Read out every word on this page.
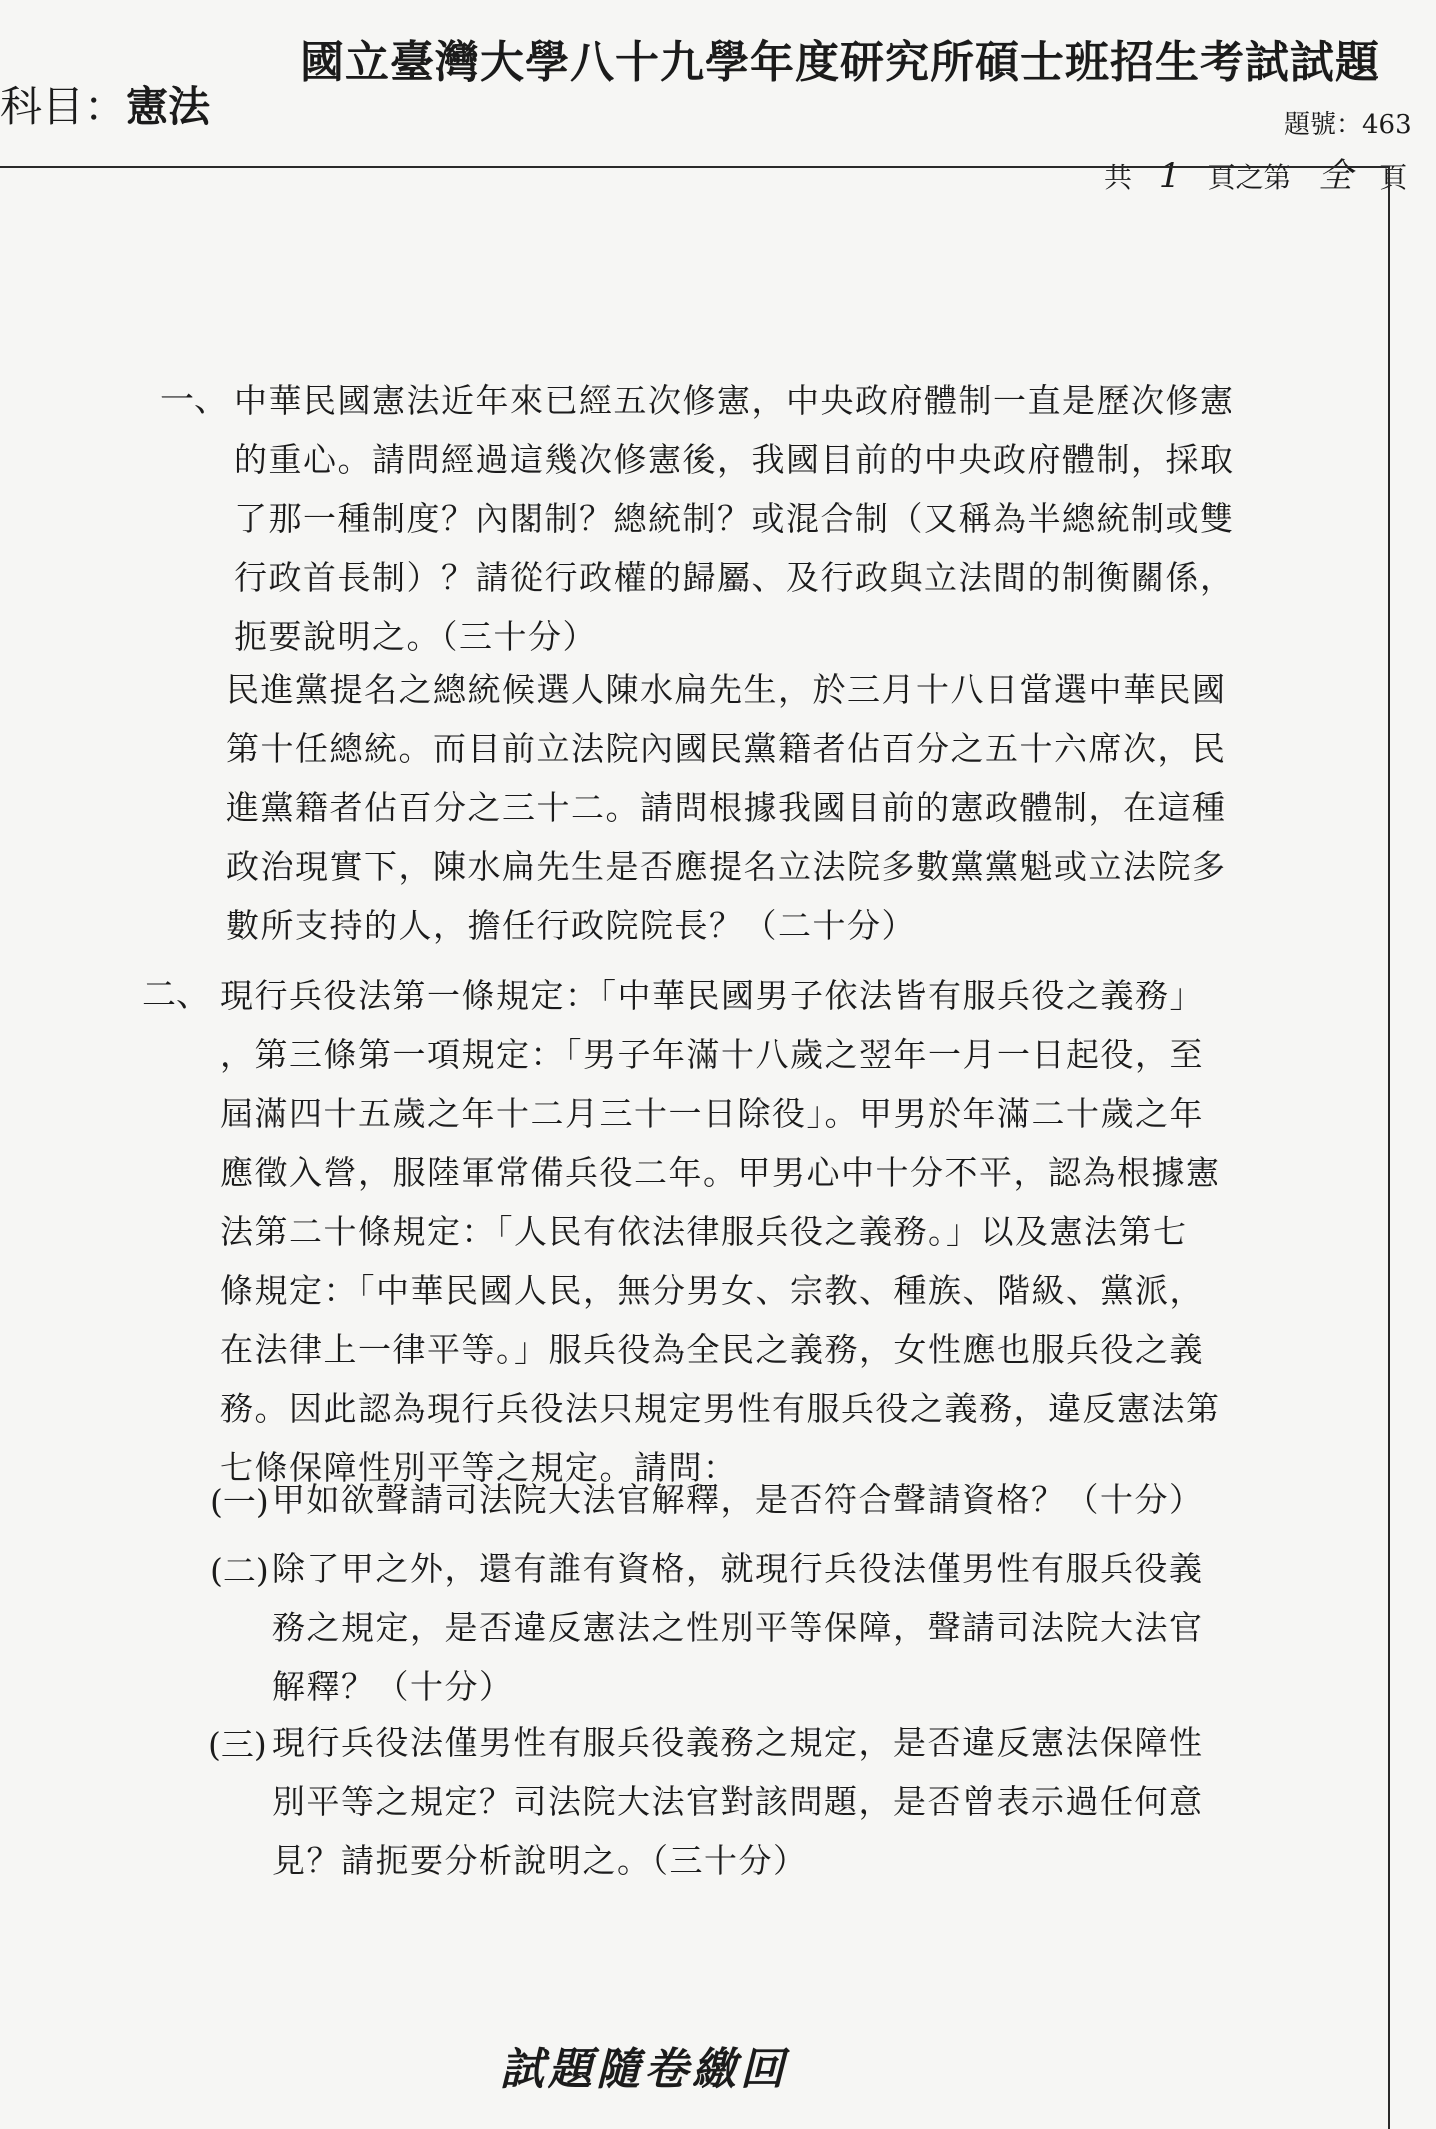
國立臺灣大學八十九學年度研究所碩士班招生考試試題
科目：憲法	題號：463
共 1 頁之第 全 頁
一、 中華民國憲法近年來已經五次修憲，中央政府體制一直是歷次修憲
的重心。請問經過這幾次修憲後，我國目前的中央政府體制，採取
了那一種制度？內閣制？總統制？或混合制（又稱為半總統制或雙
行政首長制）？請從行政權的歸屬、及行政與立法間的制衡關係，
扼要說明之。（三十分）
民進黨提名之總統候選人陳水扁先生，於三月十八日當選中華民國
第十任總統。而目前立法院內國民黨籍者佔百分之五十六席次，民
進黨籍者佔百分之三十二。請問根據我國目前的憲政體制，在這種
政治現實下，陳水扁先生是否應提名立法院多數黨黨魁或立法院多
數所支持的人，擔任行政院院長？（二十分）
二、 現行兵役法第一條規定：「中華民國男子依法皆有服兵役之義務」
，第三條第一項規定：「男子年滿十八歲之翌年一月一日起役，至
屆滿四十五歲之年十二月三十一日除役」。甲男於年滿二十歲之年
應徵入營，服陸軍常備兵役二年。甲男心中十分不平，認為根據憲
法第二十條規定：「人民有依法律服兵役之義務。」以及憲法第七
條規定：「中華民國人民，無分男女、宗教、種族、階級、黨派，
在法律上一律平等。」服兵役為全民之義務，女性應也服兵役之義
務。因此認為現行兵役法只規定男性有服兵役之義務，違反憲法第
七條保障性別平等之規定。請問：
(一) 甲如欲聲請司法院大法官解釋，是否符合聲請資格？（十分）
(二) 除了甲之外，還有誰有資格，就現行兵役法僅男性有服兵役義
務之規定，是否違反憲法之性別平等保障，聲請司法院大法官
解釋？（十分）
(三) 現行兵役法僅男性有服兵役義務之規定，是否違反憲法保障性
別平等之規定？司法院大法官對該問題，是否曾表示過任何意
見？請扼要分析說明之。（三十分）
試題隨卷繳回
